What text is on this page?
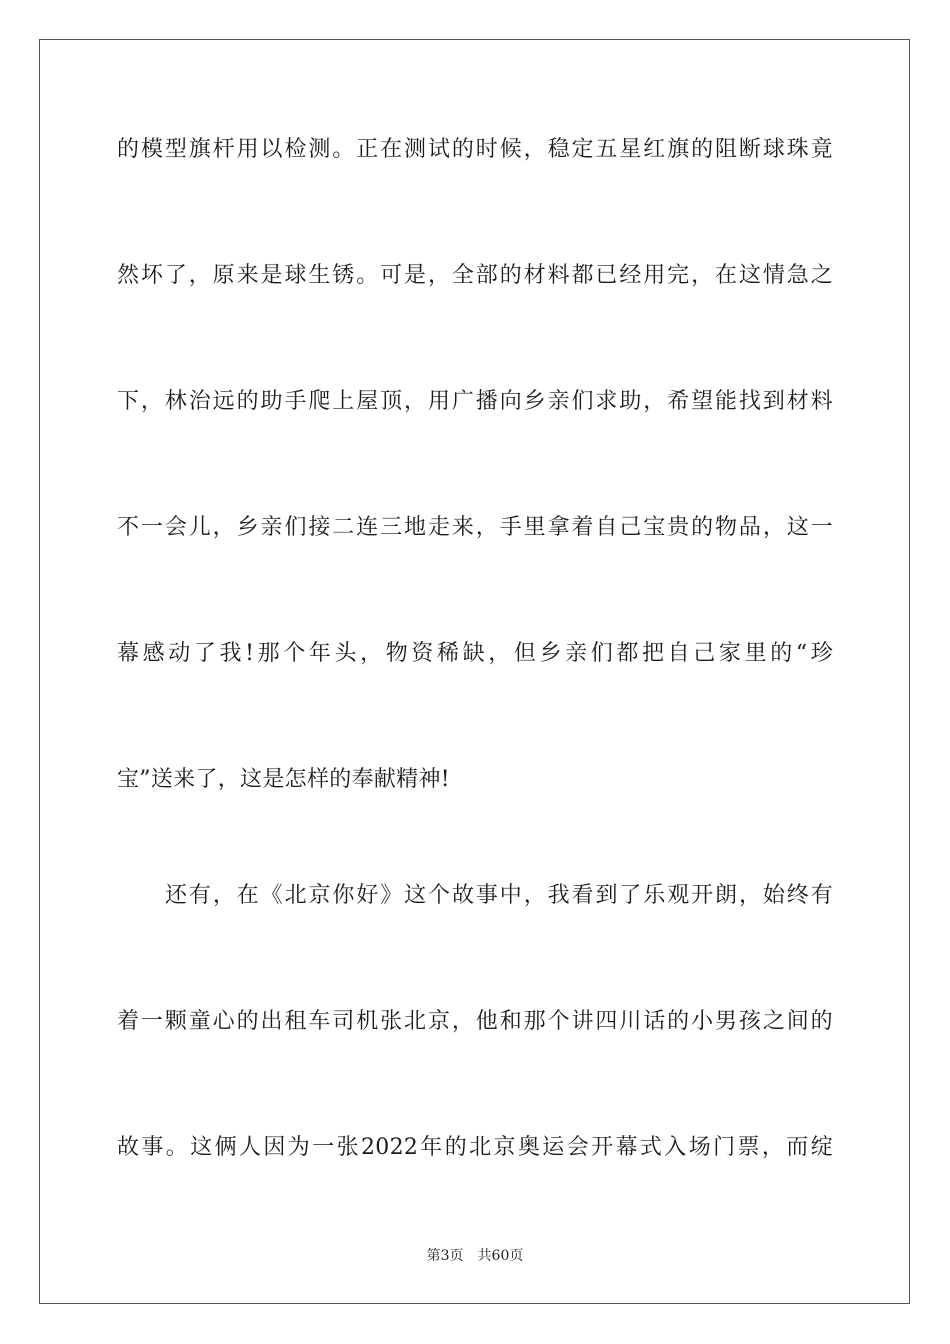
的模型旗杆用以检测。正在测试的时候，稳定五星红旗的阻断球珠竟
然坏了，原来是球生锈。可是，全部的材料都已经用完，在这情急之
下，林治远的助手爬上屋顶，用广播向乡亲们求助，希望能找到材料
不一会儿，乡亲们接二连三地走来，手里拿着自己宝贵的物品，这一
幕感动了我!那个年头，物资稀缺，但乡亲们都把自己家里的“珍
宝”送来了，这是怎样的奉献精神!
还有，在《北京你好》这个故事中，我看到了乐观开朗，始终有
着一颗童心的出租车司机张北京，他和那个讲四川话的小男孩之间的
故事。这俩人因为一张2022年的北京奥运会开幕式入场门票，而绽
第3页 共60页
